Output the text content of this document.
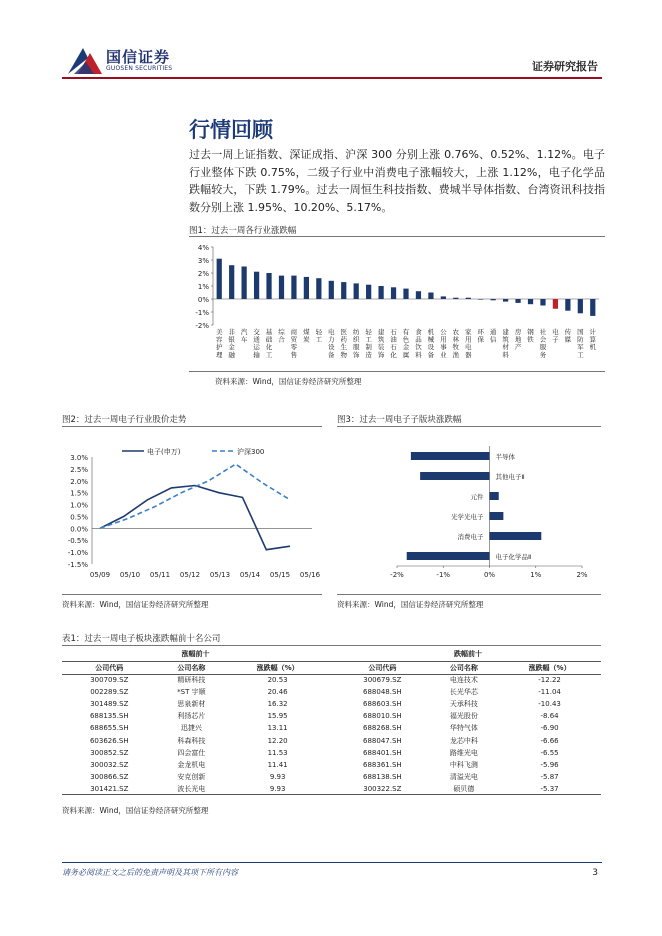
国信证券
GUOSEN SECURITIES	证券研究报告
行情回顾
过去一周上证指数、深证成指、沪深 300 分别上涨 0.76%、0.52%、1.12%。电子行业整体下跌 0.75%，二级子行业中消费电子涨幅较大，上涨 1.12%，电子化学品跌幅较大，下跌 1.79%。过去一周恒生科技指数、费城半导体指数、台湾资讯科技指数分别上涨 1.95%、10.20%、5.17%。
图1：过去一周各行业涨跌幅
4%
3%
2%
1%
0%
-1%
-2%
美容护理
非银金融
汽车
交通运输
基础化工
综合
商贸零售
煤炭
轻工
电力设备
医药生物
纺织服饰
轻工制造
建筑装饰
石油石化
有色金属
食品饮料
机械设备
公用事业
农林牧渔
家用电器
环保
通信
建筑材料
房地产
钢铁
社会服务
电子
传媒
国防军工
计算机
资料来源：Wind，国信证券经济研究所整理
图2：过去一周电子行业股价走势
3.0%
2.5%
2.0%
1.5%
1.0%
0.5%
0.0%
-0.5%
-1.0%
-1.5%
05/09 05/10 05/11 05/12 05/13 05/14 05/15 05/16
电子(申万)	沪深300
资料来源：Wind，国信证券经济研究所整理
图3：过去一周电子子版块涨跌幅
-2%	-1%	0%	1%	2%
半导体
其他电子Ⅱ
元件
光学光电子
消费电子
电子化学品Ⅱ
资料来源：Wind，国信证券经济研究所整理
表1：过去一周电子板块涨跌幅前十名公司
涨幅前十				跌幅前十		
公司代码	公司名称	涨跌幅（%）		公司代码	公司名称	涨跌幅（%）
300709.SZ	精研科技	20.53		300679.SZ	电连技术	-12.22
002289.SZ	*ST 宇顺	20.46		688048.SH	长光华芯	-11.04
301489.SZ	思泉新材	16.32		688603.SH	天承科技	-10.43
688135.SH	利扬芯片	15.95		688010.SH	福光股份	-8.64
688655.SH	迅捷兴	13.11		688268.SH	华特气体	-6.90
603626.SH	科森科技	12.20		688047.SH	龙芯中科	-6.66
300852.SZ	四会富仕	11.53		688401.SH	路维光电	-6.55
300032.SZ	金龙机电	11.41		688361.SH	中科飞测	-5.96
300866.SZ	安克创新	9.93		688138.SH	清溢光电	-5.87
301421.SZ	波长光电	9.93		300322.SZ	硕贝德	-5.37
资料来源：Wind，国信证券经济研究所整理
请务必阅读正文之后的免责声明及其项下所有内容	3
